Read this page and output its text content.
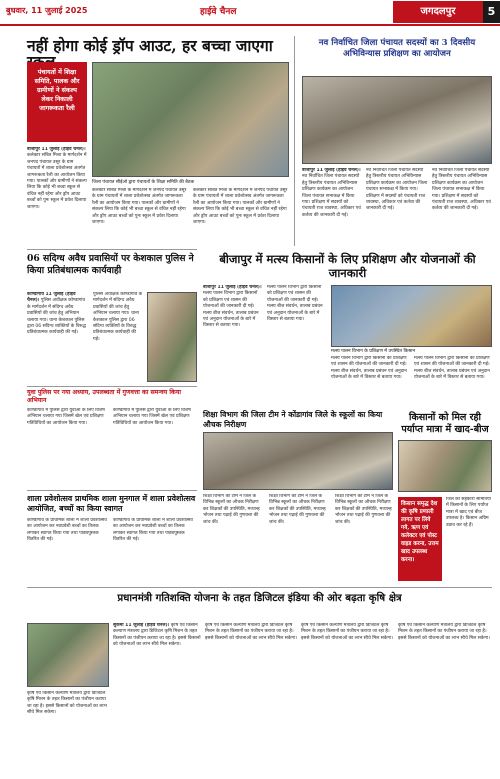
बुधवार, 11 जुलाई 2025	हाईवे चैनल	जगदलपुर	5
नहीं होगा कोई ड्रॉप आउट, हर बच्चा जाएगा
पंचायतों में शिक्षा समिति, पालक और ग्रामीणों ने संकल्प लेकर निकाली जागरूकता रैली
बीजापुर 11 जुलाई (हाईवे चैनल)। कलेक्टर संबित मिश्रा के मार्गदर्शन में जनपद पंचायत उसूर के ग्राम पंचायतों में शाला प्रवेशोत्सव अंतर्गत जागरूकता रैली का आयोजन किया गया। पालकों और ग्रामीणों ने संकल्प लिया कि कोई भी बच्चा स्कूल से वंचित नहीं रहेगा और ड्रॉप आउट बच्चों को पुनः स्कूल में प्रवेश दिलाया जाएगा।
जिला पंचायत सीईओ द्वारा पंचायतों के शिक्षा समिति की बैठक
कलेक्टर संबित मिश्रा के मार्गदर्शन में जनपद पंचायत उसूर के ग्राम पंचायतों में शाला प्रवेशोत्सव अंतर्गत जागरूकता रैली का आयोजन किया गया। पालकों और ग्रामीणों ने संकल्प लिया कि कोई भी बच्चा स्कूल से वंचित नहीं रहेगा और ड्रॉप आउट बच्चों को पुनः स्कूल में प्रवेश दिलाया जाएगा।
कलेक्टर संबित मिश्रा के मार्गदर्शन में जनपद पंचायत उसूर के ग्राम पंचायतों में शाला प्रवेशोत्सव अंतर्गत जागरूकता रैली का आयोजन किया गया। पालकों और ग्रामीणों ने संकल्प लिया कि कोई भी बच्चा स्कूल से वंचित नहीं रहेगा और ड्रॉप आउट बच्चों को पुनः स्कूल में प्रवेश दिलाया जाएगा।
नव निर्वाचित जिला पंचायत सदस्यों का 3 दिवसीय अभिविन्यास प्रशिक्षण का आयोजन
बीजापुर 11 जुलाई (हाईवे चैनल)। नव निर्वाचित जिला पंचायत सदस्यों हेतु त्रिस्तरीय पंचायत अभिविन्यास प्रशिक्षण कार्यक्रम का आयोजन जिला पंचायत सभाकक्ष में किया गया। प्रशिक्षण में सदस्यों को पंचायती राज व्यवस्था, अधिकार एवं कर्तव्य की जानकारी दी गई।
नव निर्वाचित जिला पंचायत सदस्यों हेतु त्रिस्तरीय पंचायत अभिविन्यास प्रशिक्षण कार्यक्रम का आयोजन जिला पंचायत सभाकक्ष में किया गया। प्रशिक्षण में सदस्यों को पंचायती राज व्यवस्था, अधिकार एवं कर्तव्य की जानकारी दी गई।
नव निर्वाचित जिला पंचायत सदस्यों हेतु त्रिस्तरीय पंचायत अभिविन्यास प्रशिक्षण कार्यक्रम का आयोजन जिला पंचायत सभाकक्ष में किया गया। प्रशिक्षण में सदस्यों को पंचायती राज व्यवस्था, अधिकार एवं कर्तव्य की जानकारी दी गई।
06 सदिग्ध अवैध प्रवासियों पर केशकाल पुलिस ने किया प्रतिबंधात्मक कार्यवाही
कोण्डागांव 11 जुलाई (हाईवे चैनल)। पुलिस अधीक्षक कोण्डागांव के मार्गदर्शन में संदिग्ध अवैध प्रवासियों की जांच हेतु अभियान चलाया गया। थाना केशकाल पुलिस द्वारा 06 संदिग्ध व्यक्तियों के विरुद्ध प्रतिबंधात्मक कार्यवाही की गई।
पुलिस अधीक्षक कोण्डागांव के मार्गदर्शन में संदिग्ध अवैध प्रवासियों की जांच हेतु अभियान चलाया गया। थाना केशकाल पुलिस द्वारा 06 संदिग्ध व्यक्तियों के विरुद्ध प्रतिबंधात्मक कार्यवाही की गई।
बीजापुर में मत्स्य किसानों के लिए प्रशिक्षण और योजनाओं की जानकारी
बीजापुर 11 जुलाई (हाईवे चैनल)। मत्स्य पालन विभाग द्वारा किसानों को प्रशिक्षण एवं शासन की योजनाओं की जानकारी दी गई। मत्स्य बीज संवर्धन, तालाब प्रबंधन एवं अनुदान योजनाओं के बारे में विस्तार से बताया गया।
मत्स्य पालन विभाग द्वारा किसानों को प्रशिक्षण एवं शासन की योजनाओं की जानकारी दी गई। मत्स्य बीज संवर्धन, तालाब प्रबंधन एवं अनुदान योजनाओं के बारे में विस्तार से बताया गया।
मत्स्य पालन विभाग के प्रशिक्षण में उपस्थित किसान
मत्स्य पालन विभाग द्वारा किसानों को प्रशिक्षण एवं शासन की योजनाओं की जानकारी दी गई। मत्स्य बीज संवर्धन, तालाब प्रबंधन एवं अनुदान योजनाओं के बारे में विस्तार से बताया गया।
मत्स्य पालन विभाग द्वारा किसानों को प्रशिक्षण एवं शासन की योजनाओं की जानकारी दी गई। मत्स्य बीज संवर्धन, तालाब प्रबंधन एवं अनुदान योजनाओं के बारे में विस्तार से बताया गया।
युवा पुलिस पर नया अध्याय, उपलब्धता में गुणवत्ता का समन्वय किया अभियान
कोण्डागांव में पुलिस द्वारा युवाओं के लिए विशेष अभियान चलाया गया जिसमें खेल एवं प्रशिक्षण गतिविधियों का आयोजन किया गया।
कोण्डागांव में पुलिस द्वारा युवाओं के लिए विशेष अभियान चलाया गया जिसमें खेल एवं प्रशिक्षण गतिविधियों का आयोजन किया गया।
शिक्षा विभाग की जिला टीम ने कोंडागांव जिले के स्कूलों का किया औचक निरीक्षण
शिक्षा विभाग की टीम ने जिले के विभिन्न स्कूलों का औचक निरीक्षण कर शिक्षकों की उपस्थिति, मध्यान्ह भोजन तथा पढ़ाई की गुणवत्ता की जांच की।
शिक्षा विभाग की टीम ने जिले के विभिन्न स्कूलों का औचक निरीक्षण कर शिक्षकों की उपस्थिति, मध्यान्ह भोजन तथा पढ़ाई की गुणवत्ता की जांच की।
शिक्षा विभाग की टीम ने जिले के विभिन्न स्कूलों का औचक निरीक्षण कर शिक्षकों की उपस्थिति, मध्यान्ह भोजन तथा पढ़ाई की गुणवत्ता की जांच की।
किसानों को मिल रही पर्याप्त मात्रा में खाद-बीज
किसान समृद्ध देश की कृषि प्रणाली लागत पर लिये गये, ऋण एवं कलेक्टर एवं पोस्ट वाइड करना, उत्तम खाद उपलब्ध करना।
जिले की सहकारी समितियों में किसानों के लिए पर्याप्त मात्रा में खाद एवं बीज उपलब्ध है। किसान अग्रिम उठाव कर रहे हैं।
शाला प्रवेशोत्सव प्राथमिक शाला मुनगाल में शाला प्रवेशोत्सव आयोजित, बच्चों का किया स्वागत
कोण्डागांव के प्राथमिक शाला में शाला प्रवेशोत्सव का आयोजन कर नवप्रवेशी बच्चों का तिलक लगाकर स्वागत किया गया तथा पाठ्यपुस्तक वितरित की गई।
कोण्डागांव के प्राथमिक शाला में शाला प्रवेशोत्सव का आयोजन कर नवप्रवेशी बच्चों का तिलक लगाकर स्वागत किया गया तथा पाठ्यपुस्तक वितरित की गई।
प्रधानमंत्री गतिशक्ति योजना के तहत डिजिटल इंडिया की ओर बढ़ता कृषि क्षेत्र
कृषि एवं किसान कल्याण मंत्रालय द्वारा डिजिटल कृषि मिशन के तहत किसानों का पंजीयन कराया जा रहा है। इससे किसानों को योजनाओं का लाभ सीधे मिल सकेगा।
सुकमा 11 जुलाई (हाईवे चैनल)। कृषि एवं किसान कल्याण मंत्रालय द्वारा डिजिटल कृषि मिशन के तहत किसानों का पंजीयन कराया जा रहा है। इससे किसानों को योजनाओं का लाभ सीधे मिल सकेगा।
कृषि एवं किसान कल्याण मंत्रालय द्वारा डिजिटल कृषि मिशन के तहत किसानों का पंजीयन कराया जा रहा है। इससे किसानों को योजनाओं का लाभ सीधे मिल सकेगा।
कृषि एवं किसान कल्याण मंत्रालय द्वारा डिजिटल कृषि मिशन के तहत किसानों का पंजीयन कराया जा रहा है। इससे किसानों को योजनाओं का लाभ सीधे मिल सकेगा।
कृषि एवं किसान कल्याण मंत्रालय द्वारा डिजिटल कृषि मिशन के तहत किसानों का पंजीयन कराया जा रहा है। इससे किसानों को योजनाओं का लाभ सीधे मिल सकेगा।
